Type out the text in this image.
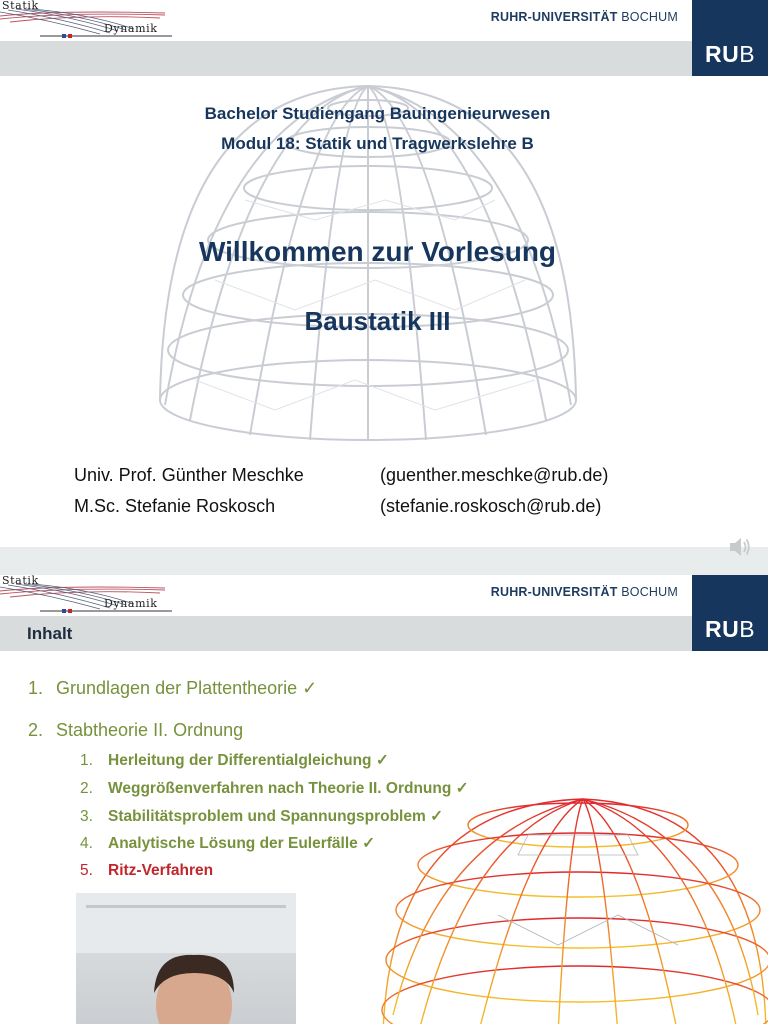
Statik
Dynamik
RUHR-UNIVERSITÄT BOCHUM
RUB
Bachelor Studiengang Bauingenieurwesen
Modul 18: Statik und Tragwerkslehre B
Willkommen zur Vorlesung
Baustatik III
Univ. Prof. Günther Meschke	(guenther.meschke@rub.de)
M.Sc. Stefanie Roskosch	(stefanie.roskosch@rub.de)
Statik
Dynamik
RUHR-UNIVERSITÄT BOCHUM
RUB
Inhalt
1. Grundlagen der Plattentheorie ✓
2. Stabtheorie II. Ordnung
1. Herleitung der Differentialgleichung ✓
2. Weggrößenverfahren nach Theorie II. Ordnung ✓
3. Stabilitätsproblem und Spannungsproblem ✓
4. Analytische Lösung der Eulerfälle ✓
5. Ritz-Verfahren
